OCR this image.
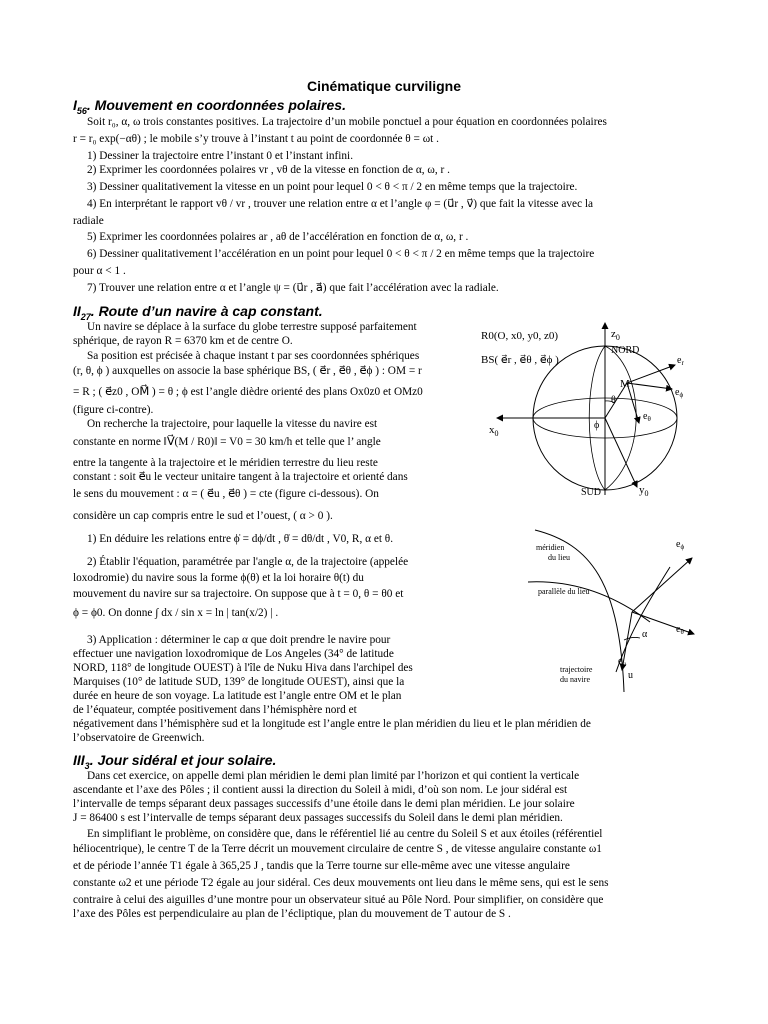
Cinématique curviligne
$I_{56}$. Mouvement en coordonnées polaires.
Soit r₀, α, ω trois constantes positives. La trajectoire d’un mobile ponctuel a pour équation en coordonnées polaires
r = r₀ exp(−αθ) ; le mobile s’y trouve à l’instant t au point de coordonnée θ = ωt .
1) Dessiner la trajectoire entre l’instant 0 et l’instant infini.
2) Exprimer les coordonnées polaires vr , vθ de la vitesse en fonction de α, ω, r .
3) Dessiner qualitativement la vitesse en un point pour lequel 0 < θ < π / 2 en même temps que la trajectoire.
4) En interprétant le rapport vθ / vr , trouver une relation entre α et l’angle φ = (u⃗r , v⃗) que fait la vitesse avec la
radiale
5) Exprimer les coordonnées polaires ar , aθ de l’accélération en fonction de α, ω, r .
6) Dessiner qualitativement l’accélération en un point pour lequel 0 < θ < π / 2 en même temps que la trajectoire
pour α < 1 .
7) Trouver une relation entre α et l’angle ψ = (u⃗r , a⃗) que fait l’accélération avec la radiale.
$II_{27}$. Route d’un navire à cap constant.
Un navire se déplace à la surface du globe terrestre supposé parfaitement
sphérique, de rayon R = 6370 km et de centre O.
Sa position est précisée à chaque instant t par ses coordonnées sphériques
(r, θ, ϕ ) auxquelles on associe la base sphérique BS, ( e⃗r , e⃗θ , e⃗ϕ ) : OM = r
= R ; ( e⃗z0 , OM⃗ ) = θ ; ϕ est l’angle dièdre orienté des plans Ox0z0 et OMz0
(figure ci-contre).
On recherche la trajectoire, pour laquelle la vitesse du navire est
constante en norme ‖V⃗(M / R0)‖ = V0 = 30 km/h et telle que l’ angle
entre la tangente à la trajectoire et le méridien terrestre du lieu reste
constant : soit e⃗u le vecteur unitaire tangent à la trajectoire et orienté dans
le sens du mouvement : α = ( e⃗u , e⃗θ ) = cte (figure ci-dessous). On
considère un cap compris entre le sud et l’ouest, ( α > 0 ).
1) En déduire les relations entre ϕ̇ = dϕ/dt , θ̇ = dθ/dt , V0, R, α et θ.
2) Établir l'équation, paramétrée par l'angle α, de la trajectoire (appelée
loxodromie) du navire sous la forme ϕ(θ) et la loi horaire θ(t) du
mouvement du navire sur sa trajectoire. On suppose que à t = 0, θ = θ0 et
ϕ = ϕ0. On donne ∫ dx / sin x = ln | tan(x/2) | .
3) Application : déterminer le cap α que doit prendre le navire pour
effectuer une navigation loxodromique de Los Angeles (34° de latitude
NORD, 118° de longitude OUEST) à l'île de Nuku Hiva dans l'archipel des
Marquises (10° de latitude SUD, 139° de longitude OUEST), ainsi que la
durée en heure de son voyage. La latitude est l’angle entre OM et le plan
de l’équateur, comptée positivement dans l’hémisphère nord et
négativement dans l’hémisphère sud et la longitude est l’angle entre le plan méridien du lieu et le plan méridien de
l’observatoire de Greenwich.
R0(O, x0, y0, z0)
BS( e⃗r , e⃗θ , e⃗ϕ )
$z_0$
NORD
SUD
$x_0$
$y_0$
M
θ
ϕ
$e_r$
$e_\phi$
$e_\theta$
méridien
du lieu
parallèle du lieu
trajectoire
du navire
α
u
$e_\phi$
$e_\theta$
$e_u$
$III_3$. Jour sidéral et jour solaire.
Dans cet exercice, on appelle demi plan méridien le demi plan limité par l’horizon et qui contient la verticale
ascendante et l’axe des Pôles ; il contient aussi la direction du Soleil à midi, d’où son nom. Le jour sidéral est
l’intervalle de temps séparant deux passages successifs d’une étoile dans le demi plan méridien. Le jour solaire
J = 86400 s est l’intervalle de temps séparant deux passages successifs du Soleil dans le demi plan méridien.
En simplifiant le problème, on considère que, dans le référentiel lié au centre du Soleil S et aux étoiles (référentiel
héliocentrique), le centre T de la Terre décrit un mouvement circulaire de centre S , de vitesse angulaire constante ω1
et de période l’année T1 égale à 365,25 J , tandis que la Terre tourne sur elle-même avec une vitesse angulaire
constante ω2 et une période T2 égale au jour sidéral. Ces deux mouvements ont lieu dans le même sens, qui est le sens
contraire à celui des aiguilles d’une montre pour un observateur situé au Pôle Nord. Pour simplifier, on considère que
l’axe des Pôles est perpendiculaire au plan de l’écliptique, plan du mouvement de T autour de S .
